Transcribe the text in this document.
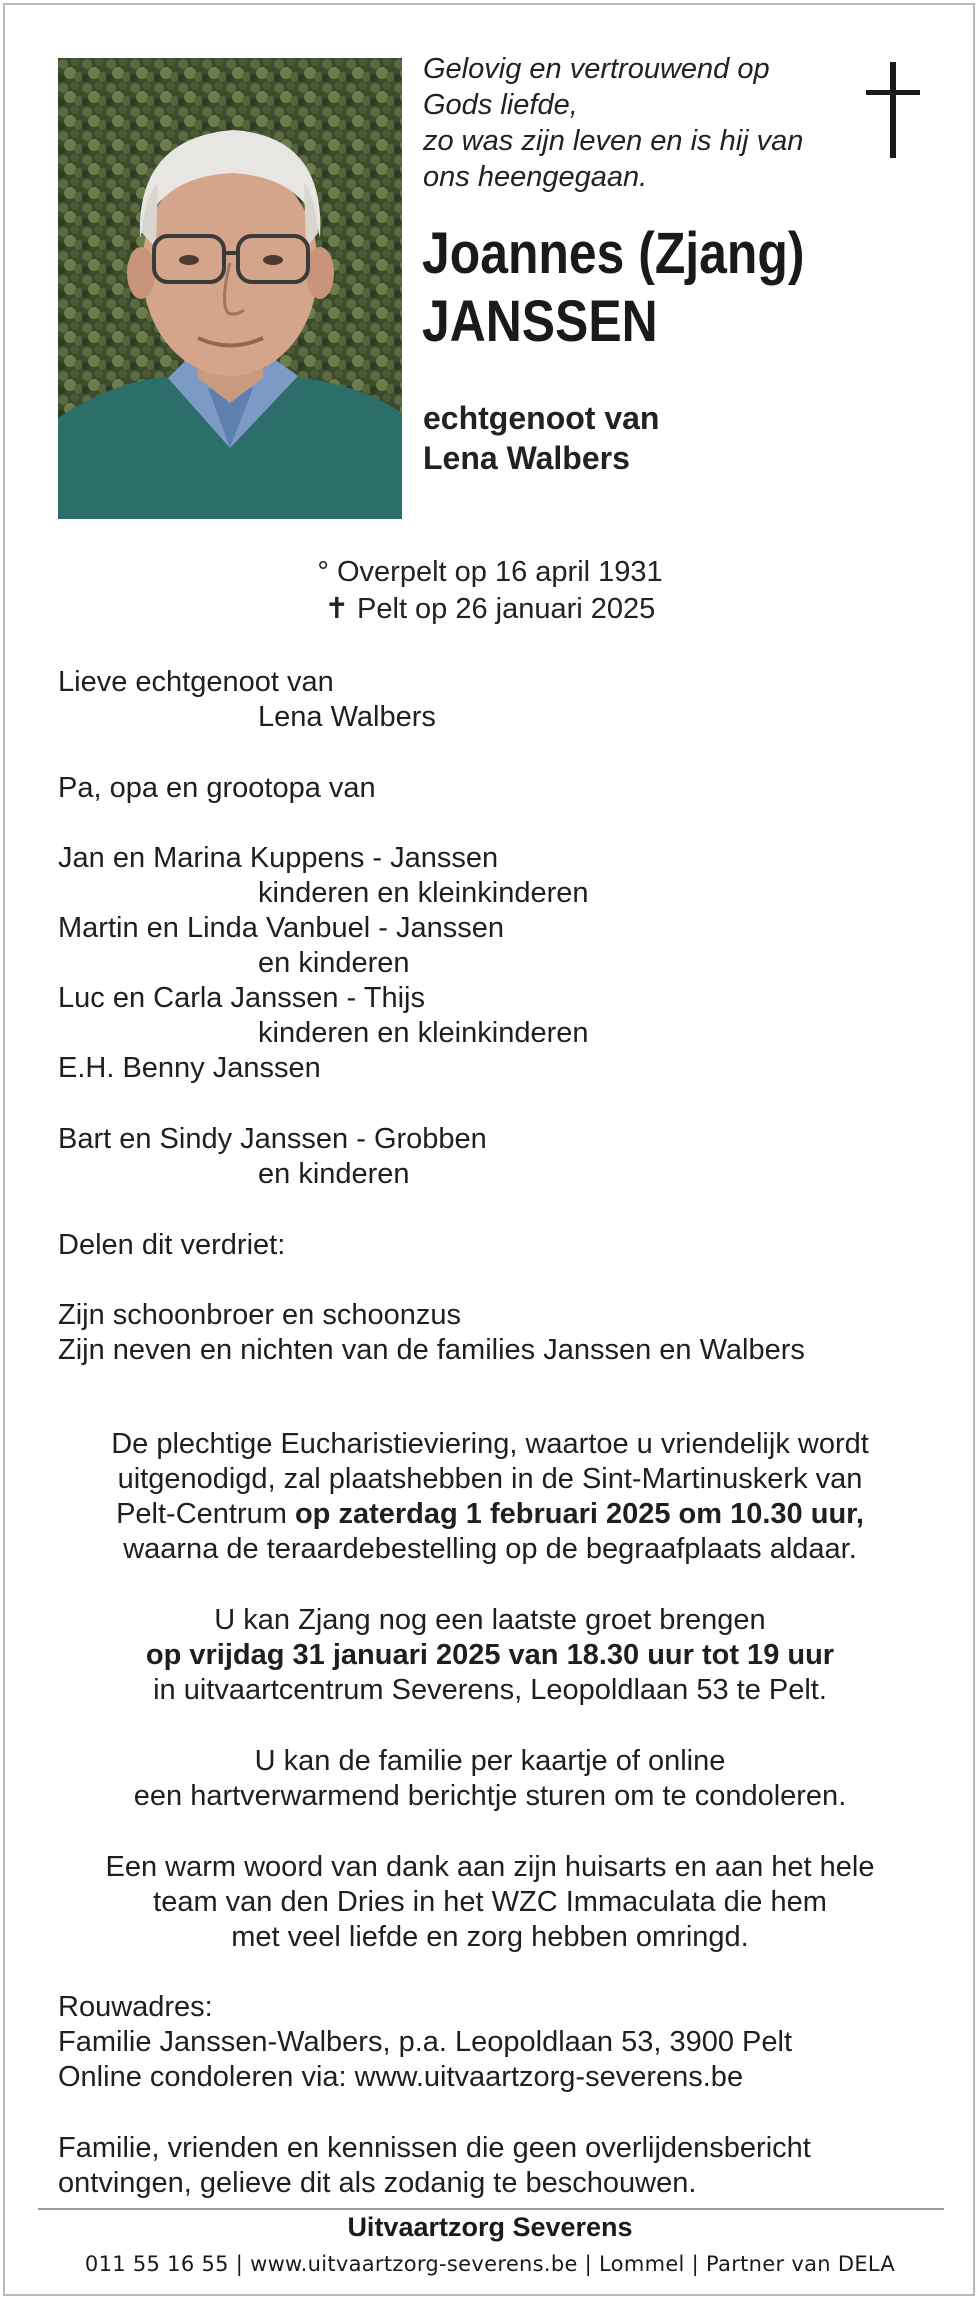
Gelovig en vertrouwend op
Gods liefde,
zo was zijn leven en is hij van
ons heengegaan.
Joannes (Zjang)
JANSSEN
echtgenoot van
Lena Walbers
° Overpelt op 16 april 1931
✝ Pelt op 26 januari 2025
Lieve echtgenoot van
Lena Walbers
Pa, opa en grootopa van
Jan en Marina Kuppens - Janssen
kinderen en kleinkinderen
Martin en Linda Vanbuel - Janssen
en kinderen
Luc en Carla Janssen - Thijs
kinderen en kleinkinderen
E.H. Benny Janssen
Bart en Sindy Janssen - Grobben
en kinderen
Delen dit verdriet:
Zijn schoonbroer en schoonzus
Zijn neven en nichten van de families Janssen en Walbers
De plechtige Eucharistieviering, waartoe u vriendelijk wordt
uitgenodigd, zal plaatshebben in de Sint-Martinuskerk van
Pelt-Centrum op zaterdag 1 februari 2025 om 10.30 uur,
waarna de teraardebestelling op de begraafplaats aldaar.
U kan Zjang nog een laatste groet brengen
op vrijdag 31 januari 2025 van 18.30 uur tot 19 uur
in uitvaartcentrum Severens, Leopoldlaan 53 te Pelt.
U kan de familie per kaartje of online
een hartverwarmend berichtje sturen om te condoleren.
Een warm woord van dank aan zijn huisarts en aan het hele
team van den Dries in het WZC Immaculata die hem
met veel liefde en zorg hebben omringd.
Rouwadres:
Familie Janssen-Walbers, p.a. Leopoldlaan 53, 3900 Pelt
Online condoleren via: www.uitvaartzorg-severens.be
Familie, vrienden en kennissen die geen overlijdensbericht
ontvingen, gelieve dit als zodanig te beschouwen.
Uitvaartzorg Severens
011 55 16 55 | www.uitvaartzorg-severens.be | Lommel | Partner van DELA
